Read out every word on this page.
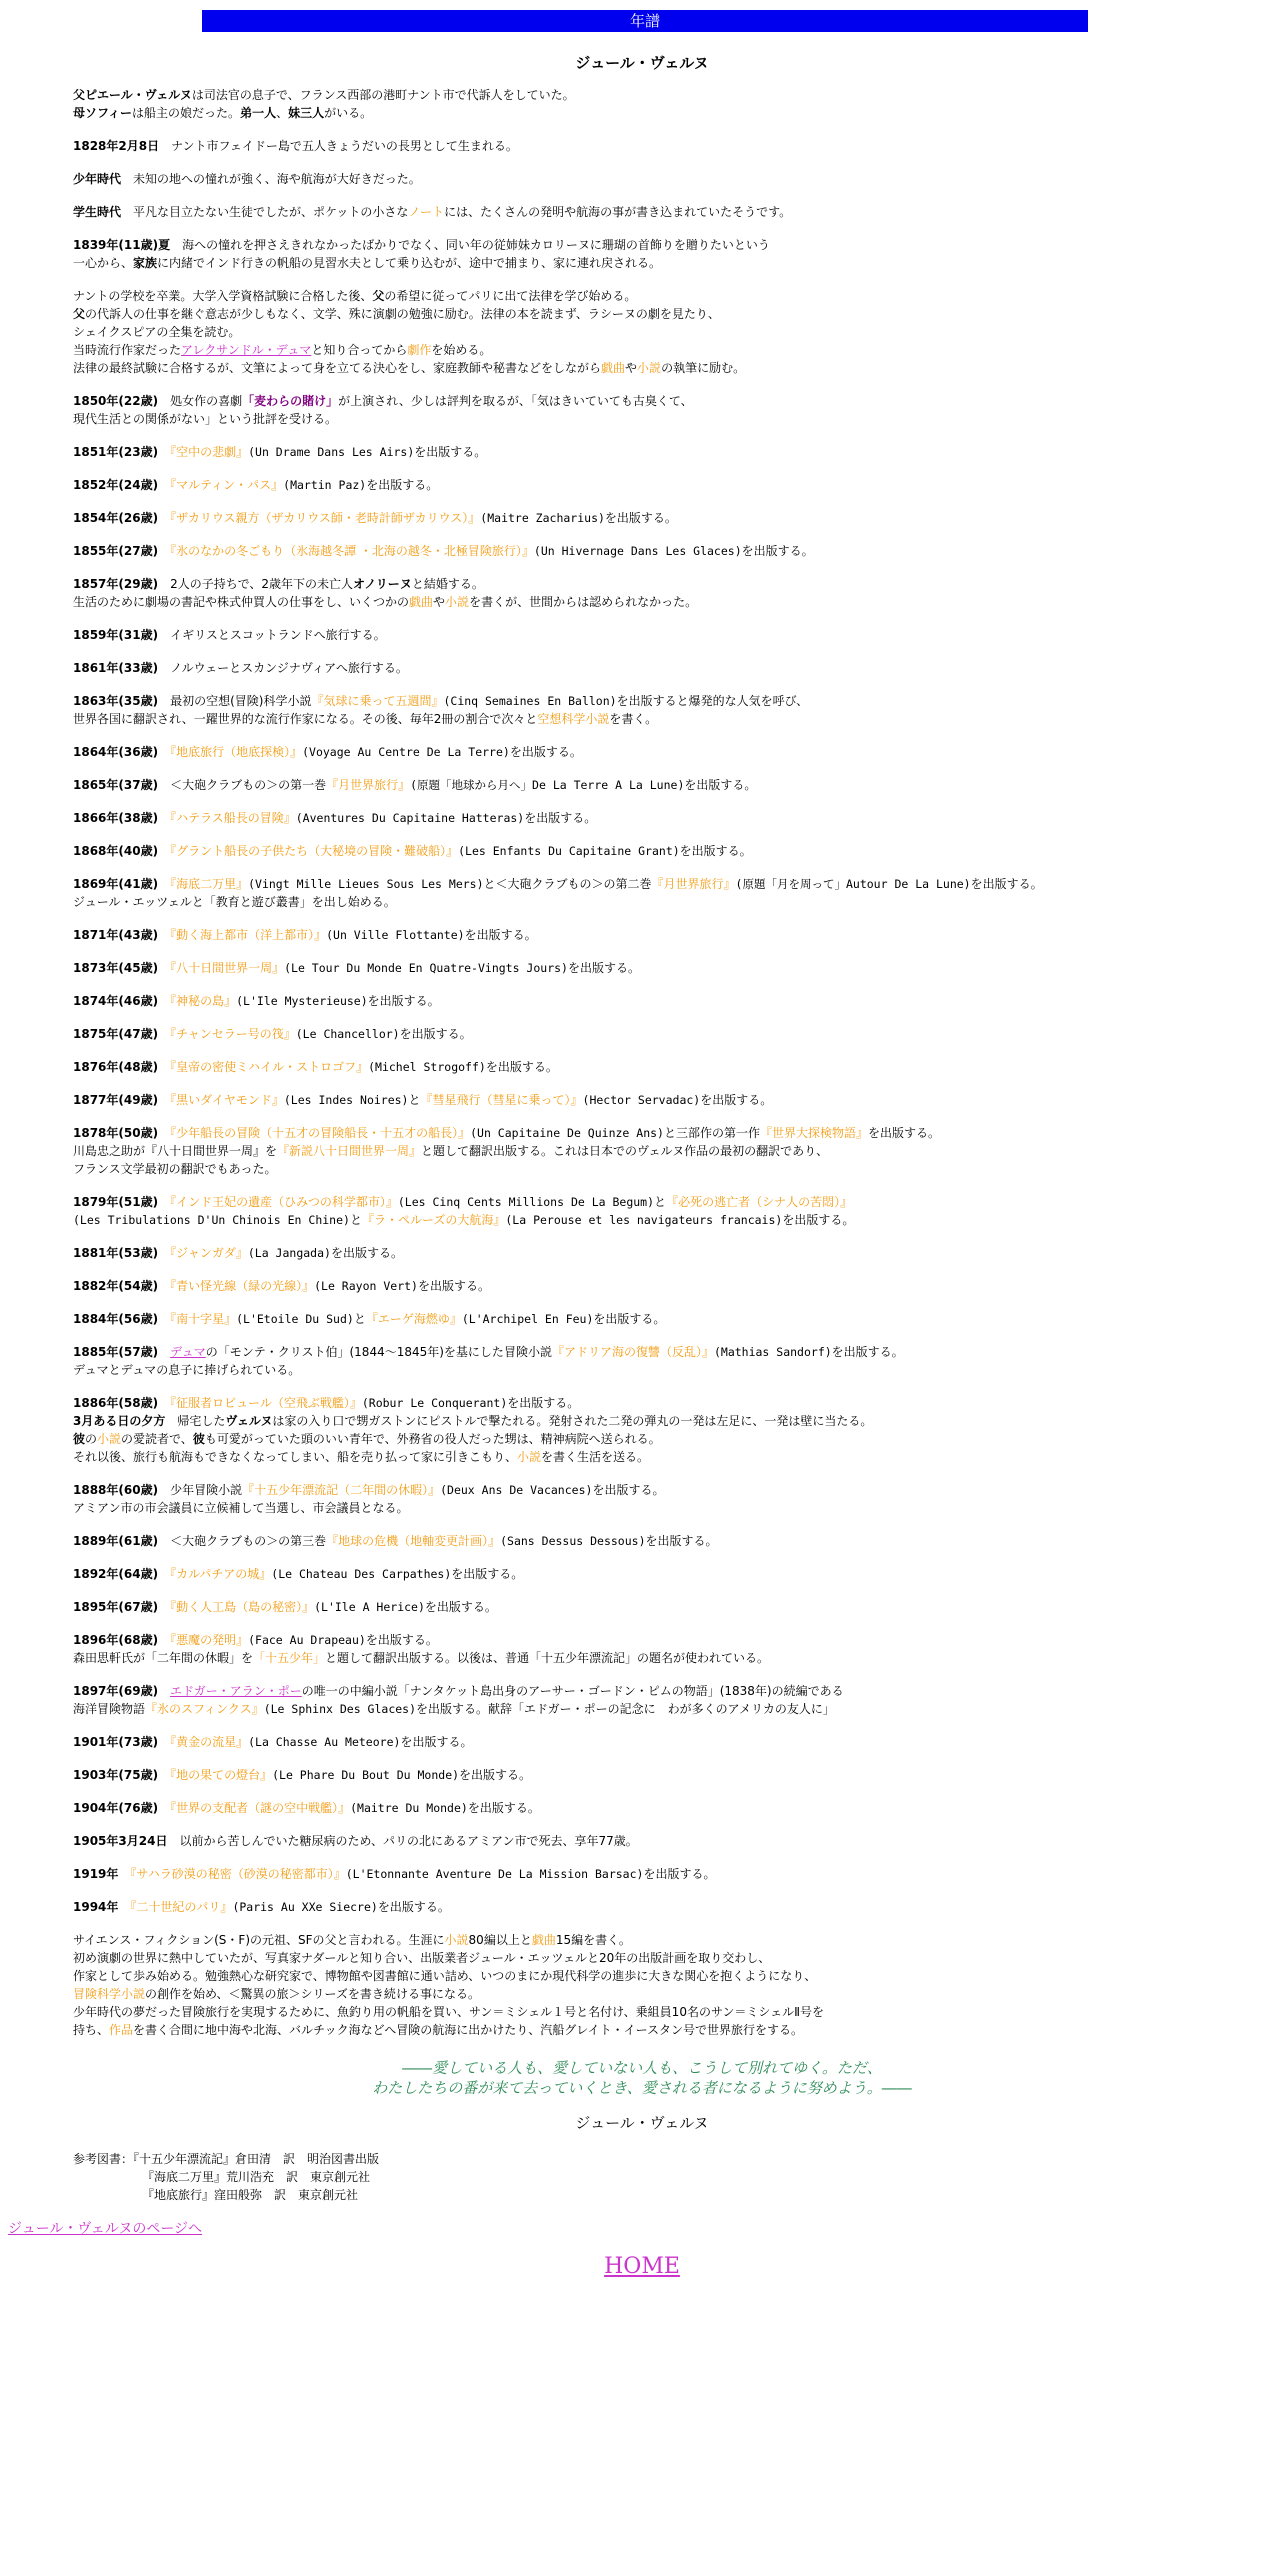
年譜
ジュール・ヴェルヌ
父ピエール・ヴェルヌは司法官の息子で、フランス西部の港町ナント市で代訴人をしていた。
母ソフィーは船主の娘だった。弟一人、妹三人がいる。
1828年2月8日　ナント市フェイドー島で五人きょうだいの長男として生まれる。
少年時代　未知の地への憧れが強く、海や航海が大好きだった。
学生時代　平凡な目立たない生徒でしたが、ポケットの小さなノートには、たくさんの発明や航海の事が書き込まれていたそうです。
1839年(11歳)夏　海への憧れを押さえきれなかったばかりでなく、同い年の従姉妹カロリーヌに珊瑚の首飾りを贈りたいという
一心から、家族に内緒でインド行きの帆船の見習水夫として乗り込むが、途中で捕まり、家に連れ戻される。
ナントの学校を卒業。大学入学資格試験に合格した後、父の希望に従ってパリに出て法律を学び始める。
父の代訴人の仕事を継ぐ意志が少しもなく、文学、殊に演劇の勉強に励む。法律の本を読まず、ラシーヌの劇を見たり、
シェイクスピアの全集を読む。
当時流行作家だったアレクサンドル・デュマと知り合ってから劇作を始める。
法律の最終試験に合格するが、文筆によって身を立てる決心をし、家庭教師や秘書などをしながら戯曲や小説の執筆に励む。
1850年(22歳)　処女作の喜劇「麦わらの賭け」が上演され、少しは評判を取るが、「気はきいていても古臭くて、
現代生活との関係がない」という批評を受ける。
1851年(23歳)　 『空中の悲劇』(Un Drame Dans Les Airs)を出版する。
1852年(24歳)　 『マルティン・パス』(Martin Paz)を出版する。
1854年(26歳)　 『ザカリウス親方（ザカリウス師・老時計師ザカリウス）』(Maitre Zacharius)を出版する。
1855年(27歳)　 『氷のなかの冬ごもり（氷海越冬譚 ・北海の越冬・北極冒険旅行）』(Un Hivernage Dans Les Glaces)を出版する。
1857年(29歳)　2人の子持ちで、2歳年下の未亡人オノリーヌと結婚する。
生活のために劇場の書記や株式仲買人の仕事をし、いくつかの戯曲や小説を書くが、世間からは認められなかった。
1859年(31歳)　イギリスとスコットランドへ旅行する。
1861年(33歳)　ノルウェーとスカンジナヴィアへ旅行する。
1863年(35歳)　最初の空想(冒険)科学小説『気球に乗って五週間』(Cinq Semaines En Ballon)を出版すると爆発的な人気を呼び、
世界各国に翻訳され、一躍世界的な流行作家になる。その後、毎年2冊の割合で次々と空想科学小説を書く。
1864年(36歳)　 『地底旅行（地底探検）』(Voyage Au Centre De La Terre)を出版する。
1865年(37歳)　＜大砲クラブもの＞の第一巻『月世界旅行』(原題「地球から月へ」De La Terre A La Lune)を出版する。
1866年(38歳)　 『ハテラス船長の冒険』(Aventures Du Capitaine Hatteras)を出版する。
1868年(40歳)　 『グラント船長の子供たち（大秘境の冒険・難破船）』(Les Enfants Du Capitaine Grant)を出版する。
1869年(41歳)　 『海底二万里』(Vingt Mille Lieues Sous Les Mers)と＜大砲クラブもの＞の第二巻『月世界旅行』(原題「月を周って」Autour De La Lune)を出版する。
ジュール・エッツェルと「教育と遊び叢書」を出し始める。
1871年(43歳)　 『動く海上都市（洋上都市）』(Un Ville Flottante)を出版する。
1873年(45歳)　 『八十日間世界一周』(Le Tour Du Monde En Quatre-Vingts Jours)を出版する。
1874年(46歳)　 『神秘の島』(L'Ile Mysterieuse)を出版する。
1875年(47歳)　 『チャンセラー号の筏』(Le Chancellor)を出版する。
1876年(48歳)　 『皇帝の密使ミハイル・ストロゴフ』(Michel Strogoff)を出版する。
1877年(49歳)　 『黒いダイヤモンド』(Les Indes Noires)と『彗星飛行（彗星に乗って）』(Hector Servadac)を出版する。
1878年(50歳)　 『少年船長の冒険（十五才の冒険船長・十五才の船長）』(Un Capitaine De Quinze Ans)と三部作の第一作『世界大探検物語』を出版する。
川島忠之助が『八十日間世界一周』を『新説八十日間世界一周』と題して翻訳出版する。これは日本でのヴェルヌ作品の最初の翻訳であり、
フランス文学最初の翻訳でもあった。
1879年(51歳)　 『インド王妃の遺産（ひみつの科学都市）』(Les Cinq Cents Millions De La Begum)と『必死の逃亡者（シナ人の苦悶）』
(Les Tribulations D'Un Chinois En Chine)と『ラ・ペルーズの大航海』(La Perouse et les navigateurs francais)を出版する。
1881年(53歳)　 『ジャンガダ』(La Jangada)を出版する。
1882年(54歳)　 『青い怪光線（緑の光線）』(Le Rayon Vert)を出版する。
1884年(56歳)　 『南十字星』(L'Etoile Du Sud)と『エーゲ海燃ゆ』(L'Archipel En Feu)を出版する。
1885年(57歳)　 デュマの「モンテ・クリスト伯」(1844～1845年)を基にした冒険小説『アドリア海の復讐（反乱）』(Mathias Sandorf)を出版する。
デュマとデュマの息子に捧げられている。
1886年(58歳)　 『征服者ロビュール（空飛ぶ戦艦）』(Robur Le Conquerant)を出版する。
3月ある日の夕方　帰宅したヴェルヌは家の入り口で甥ガストンにピストルで撃たれる。発射された二発の弾丸の一発は左足に、一発は壁に当たる。
彼の小説の愛読者で、彼も可愛がっていた頭のいい青年で、外務省の役人だった甥は、精神病院へ送られる。
それ以後、旅行も航海もできなくなってしまい、船を売り払って家に引きこもり、小説を書く生活を送る。
1888年(60歳)　少年冒険小説『十五少年漂流記（二年間の休暇）』(Deux Ans De Vacances)を出版する。
アミアン市の市会議員に立候補して当選し、市会議員となる。
1889年(61歳)　＜大砲クラブもの＞の第三巻『地球の危機（地軸変更計画）』(Sans Dessus Dessous)を出版する。
1892年(64歳)　 『カルパチアの城』(Le Chateau Des Carpathes)を出版する。
1895年(67歳)　 『動く人工島（島の秘密）』(L'Ile A Herice)を出版する。
1896年(68歳)　 『悪魔の発明』(Face Au Drapeau)を出版する。
森田思軒氏が「二年間の休暇」を「十五少年」と題して翻訳出版する。以後は、普通「十五少年漂流記」の題名が使われている。
1897年(69歳)　 エドガー・アラン・ポーの唯一の中編小説「ナンタケット島出身のアーサー・ゴードン・ピムの物語」(1838年)の続編である
海洋冒険物語『氷のスフィンクス』(Le Sphinx Des Glaces)を出版する。献辞「エドガー・ポーの記念に　わが多くのアメリカの友人に」
1901年(73歳)　 『黄金の流星』(La Chasse Au Meteore)を出版する。
1903年(75歳)　 『地の果ての燈台』(Le Phare Du Bout Du Monde)を出版する。
1904年(76歳)　 『世界の支配者（謎の空中戦艦）』(Maitre Du Monde)を出版する。
1905年3月24日　以前から苦しんでいた糖尿病のため、パリの北にあるアミアン市で死去、享年77歳。
1919年　 『サハラ砂漠の秘密（砂漠の秘密都市）』(L'Etonnante Aventure De La Mission Barsac)を出版する。
1994年　 『二十世紀のパリ』(Paris Au XXe Siecre)を出版する。
サイエンス・フィクション(S・F)の元祖、SFの父と言われる。生涯に小説80編以上と戯曲15編を書く。
初め演劇の世界に熱中していたが、写真家ナダールと知り合い、出版業者ジュール・エッツェルと20年の出版計画を取り交わし、
作家として歩み始める。勉強熱心な研究家で、博物館や図書館に通い詰め、いつのまにか現代科学の進歩に大きな関心を抱くようになり、
冒険科学小説の創作を始め、＜驚異の旅＞シリーズを書き続ける事になる。
少年時代の夢だった冒険旅行を実現するために、魚釣り用の帆船を買い、サン＝ミシェル１号と名付け、乗組員10名のサン＝ミシェルⅡ号を
持ち、作品を書く合間に地中海や北海、バルチック海などへ冒険の航海に出かけたり、汽船グレイト・イースタン号で世界旅行をする。
――愛している人も、愛していない人も、こうして別れてゆく。ただ、
わたしたちの番が来て去っていくとき、愛される者になるように努めよう。――
ジュール・ヴェルヌ
参考図書：『十五少年漂流記』倉田清　訳　明治図書出版
『海底二万里』荒川浩充　訳　東京創元社
『地底旅行』窪田般弥　訳　東京創元社
ジュール・ヴェルヌのページへ
HOME
